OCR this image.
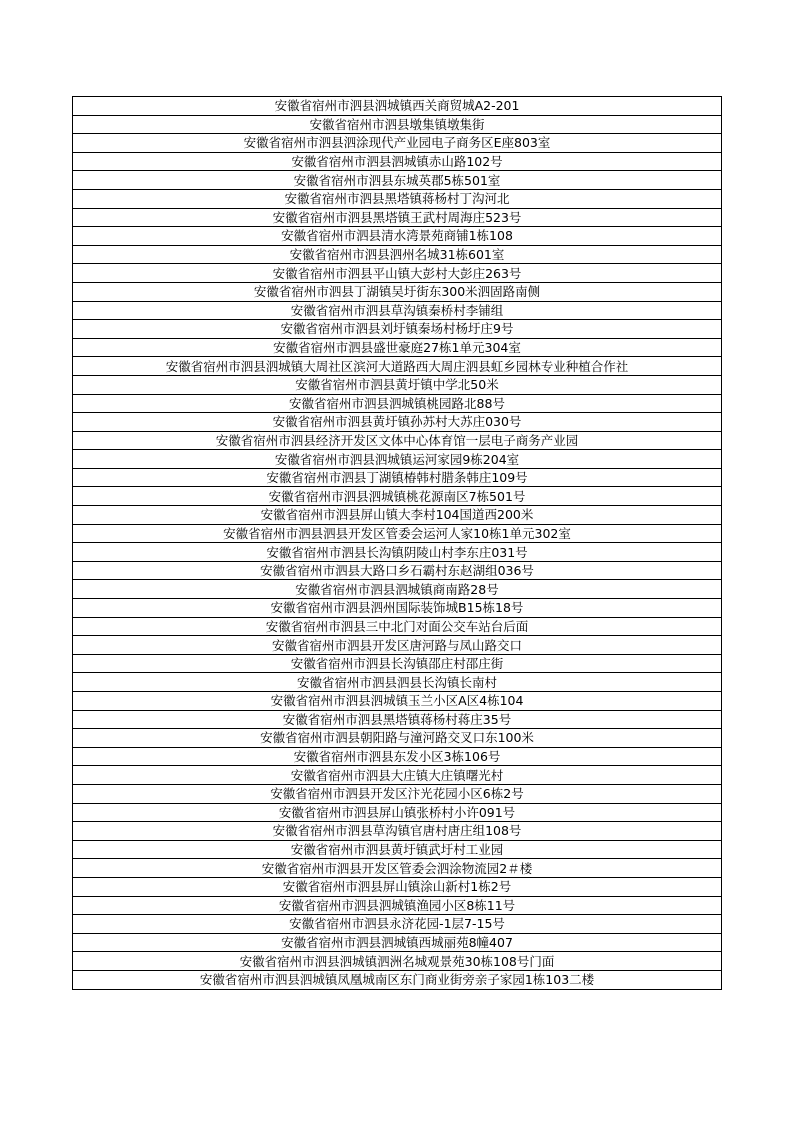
安徽省宿州市泗县泗城镇西关商贸城A2-201
安徽省宿州市泗县墩集镇墩集街
安徽省宿州市泗县泗涂现代产业园电子商务区E座803室
安徽省宿州市泗县泗城镇赤山路102号
安徽省宿州市泗县东城英郡5栋501室
安徽省宿州市泗县黑塔镇蒋杨村丁沟河北
安徽省宿州市泗县黑塔镇王武村周海庄523号
安徽省宿州市泗县清水湾景苑商铺1栋108
安徽省宿州市泗县泗州名城31栋601室
安徽省宿州市泗县平山镇大彭村大彭庄263号
安徽省宿州市泗县丁湖镇吴圩街东300米泗固路南侧
安徽省宿州市泗县草沟镇秦桥村李铺组
安徽省宿州市泗县刘圩镇秦场村杨圩庄9号
安徽省宿州市泗县盛世豪庭27栋1单元304室
安徽省宿州市泗县泗城镇大周社区滨河大道路西大周庄泗县虹乡园林专业种植合作社
安徽省宿州市泗县黄圩镇中学北50米
安徽省宿州市泗县泗城镇桃园路北88号
安徽省宿州市泗县黄圩镇孙苏村大苏庄030号
安徽省宿州市泗县经济开发区文体中心体育馆一层电子商务产业园
安徽省宿州市泗县泗城镇运河家园9栋204室
安徽省宿州市泗县丁湖镇椿韩村腊条韩庄109号
安徽省宿州市泗县泗城镇桃花源南区7栋501号
安徽省宿州市泗县屏山镇大李村104国道西200米
安徽省宿州市泗县泗县开发区管委会运河人家10栋1单元302室
安徽省宿州市泗县长沟镇阴陵山村李东庄031号
安徽省宿州市泗县大路口乡石霸村东赵湖组036号
安徽省宿州市泗县泗城镇商南路28号
安徽省宿州市泗县泗州国际装饰城B15栋18号
安徽省宿州市泗县三中北门对面公交车站台后面
安徽省宿州市泗县开发区唐河路与凤山路交口
安徽省宿州市泗县长沟镇邵庄村邵庄街
安徽省宿州市泗县泗县长沟镇长南村
安徽省宿州市泗县泗城镇玉兰小区A区4栋104
安徽省宿州市泗县黑塔镇蒋杨村蒋庄35号
安徽省宿州市泗县朝阳路与潼河路交叉口东100米
安徽省宿州市泗县东发小区3栋106号
安徽省宿州市泗县大庄镇大庄镇曙光村
安徽省宿州市泗县开发区汴光花园小区6栋2号
安徽省宿州市泗县屏山镇张桥村小许091号
安徽省宿州市泗县草沟镇官唐村唐庄组108号
安徽省宿州市泗县黄圩镇武圩村工业园
安徽省宿州市泗县开发区管委会泗涂物流园2＃楼
安徽省宿州市泗县屏山镇涂山新村1栋2号
安徽省宿州市泗县泗城镇渔园小区8栋11号
安徽省宿州市泗县永济花园-1层7-15号
安徽省宿州市泗县泗城镇西城丽苑8幢407
安徽省宿州市泗县泗城镇泗洲名城观景苑30栋108号门面
安徽省宿州市泗县泗城镇凤凰城南区东门商业街旁亲子家园1栋103二楼
